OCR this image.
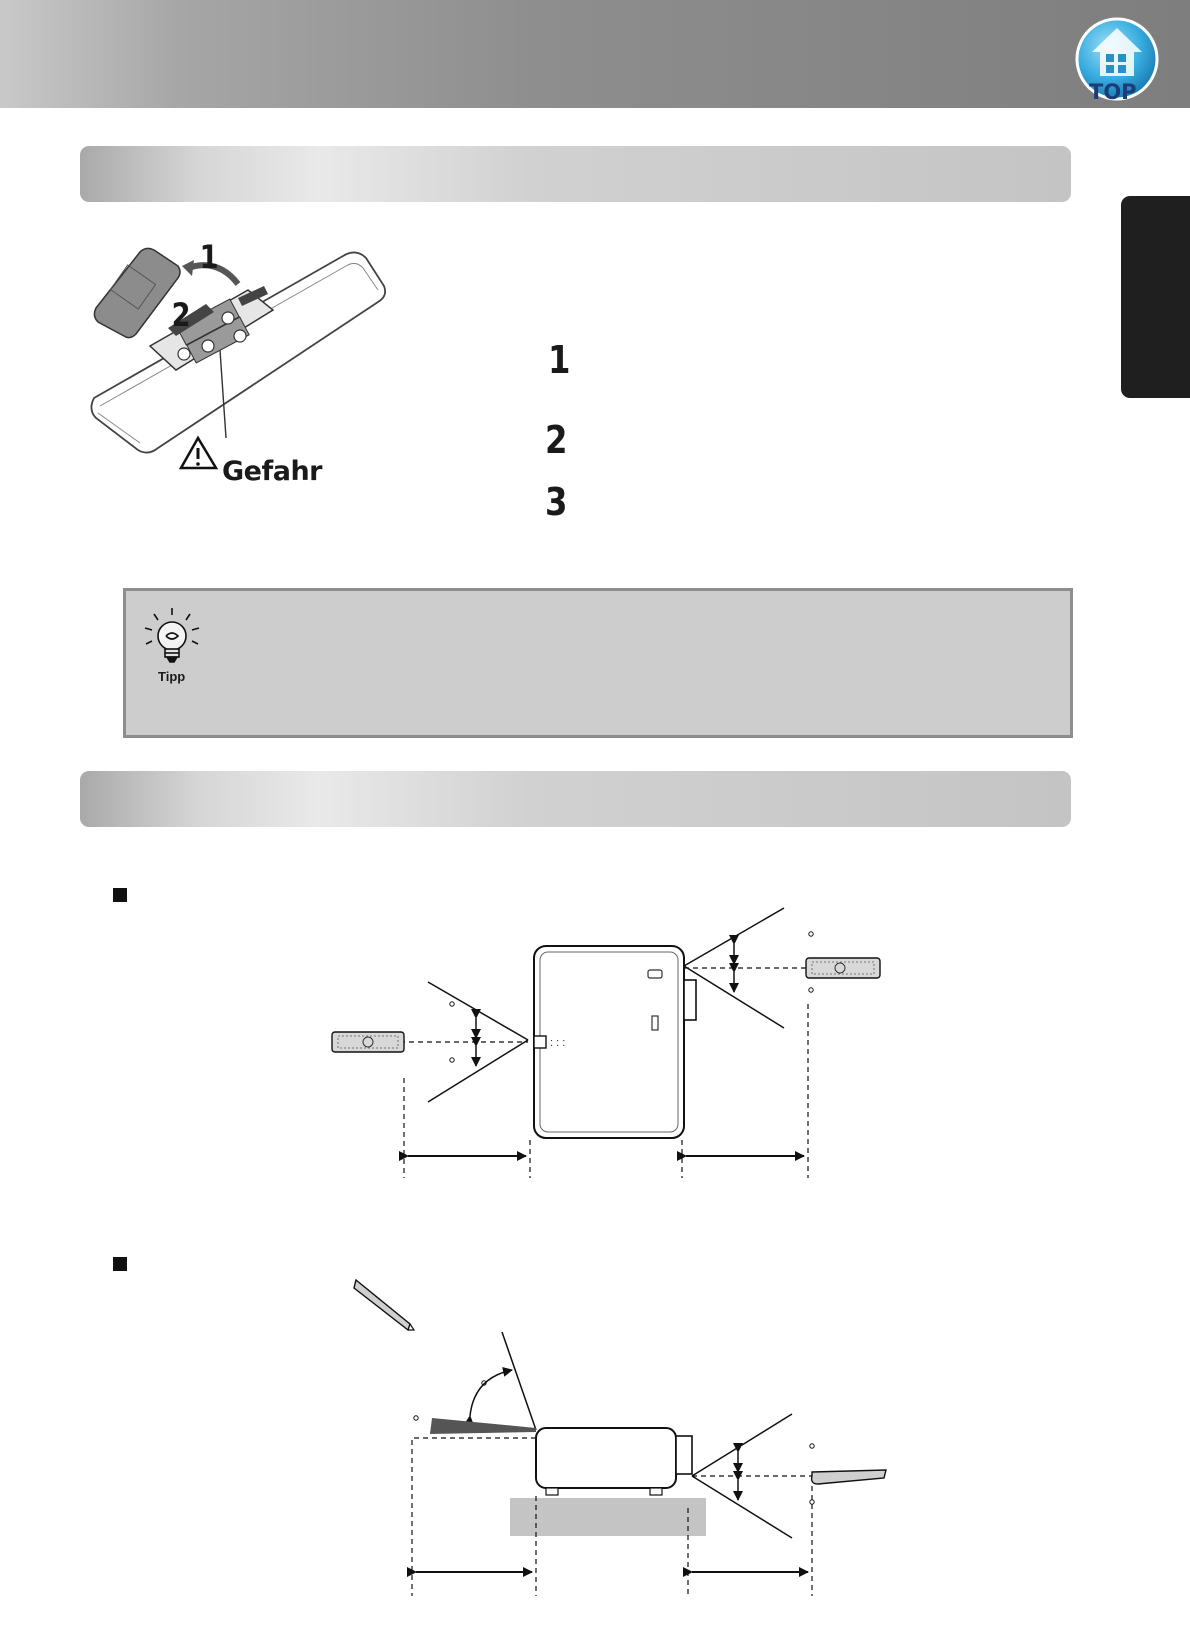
TOP
1
2
Gefahr
1
2
3
Tipp
: : :
